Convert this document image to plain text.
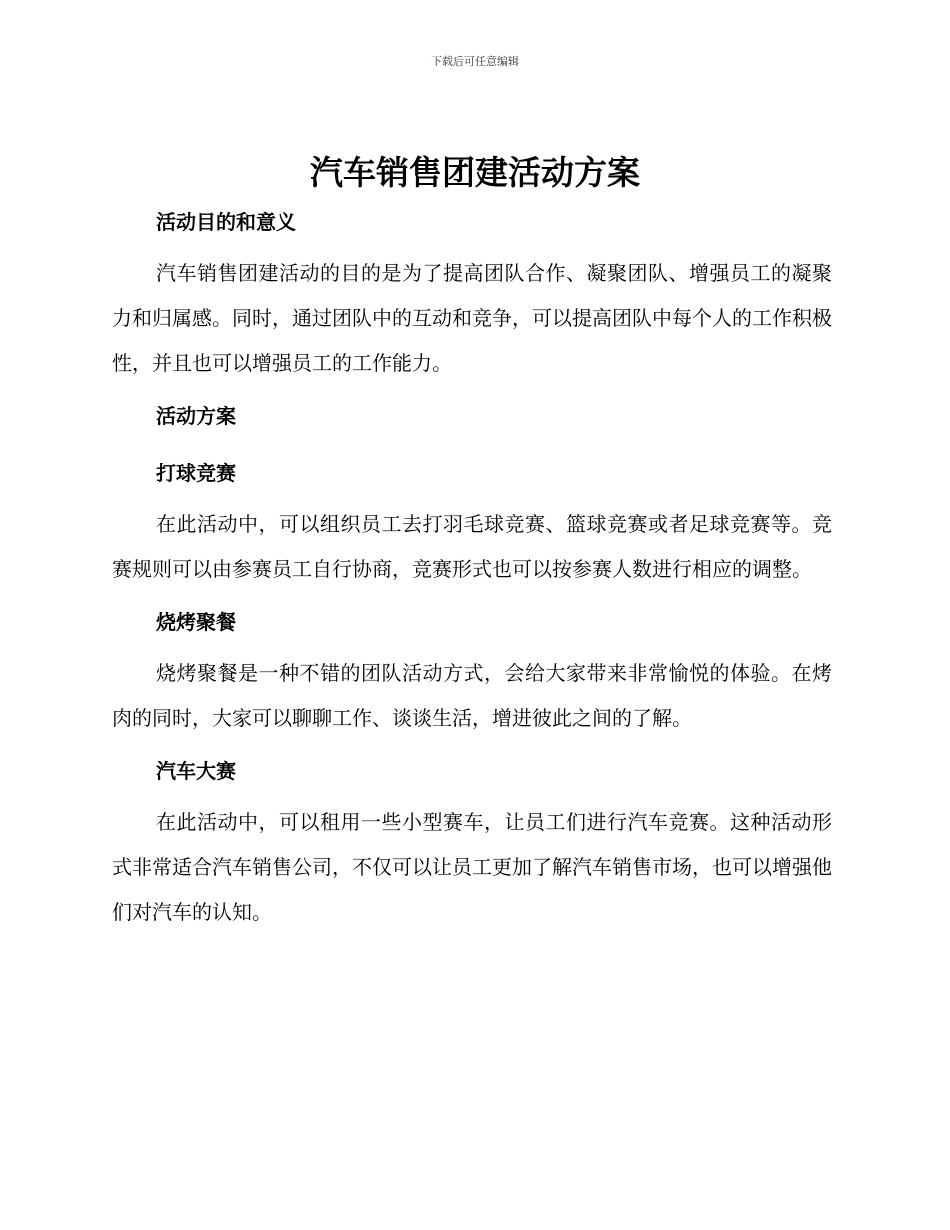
下载后可任意编辑
汽车销售团建活动方案
活动目的和意义

汽车销售团建活动的目的是为了提高团队合作、凝聚团队、增强员工的凝聚力和归属感。同时，通过团队中的互动和竞争，可以提高团队中每个人的工作积极性，并且也可以增强员工的工作能力。

活动方案
打球竞赛

在此活动中，可以组织员工去打羽毛球竞赛、篮球竞赛或者足球竞赛等。竞赛规则可以由参赛员工自行协商，竞赛形式也可以按参赛人数进行相应的调整。

烧烤聚餐

烧烤聚餐是一种不错的团队活动方式，会给大家带来非常愉悦的体验。在烤肉的同时，大家可以聊聊工作、谈谈生活，增进彼此之间的了解。

汽车大赛

在此活动中，可以租用一些小型赛车，让员工们进行汽车竞赛。这种活动形式非常适合汽车销售公司，不仅可以让员工更加了解汽车销售市场，也可以增强他们对汽车的认知。
